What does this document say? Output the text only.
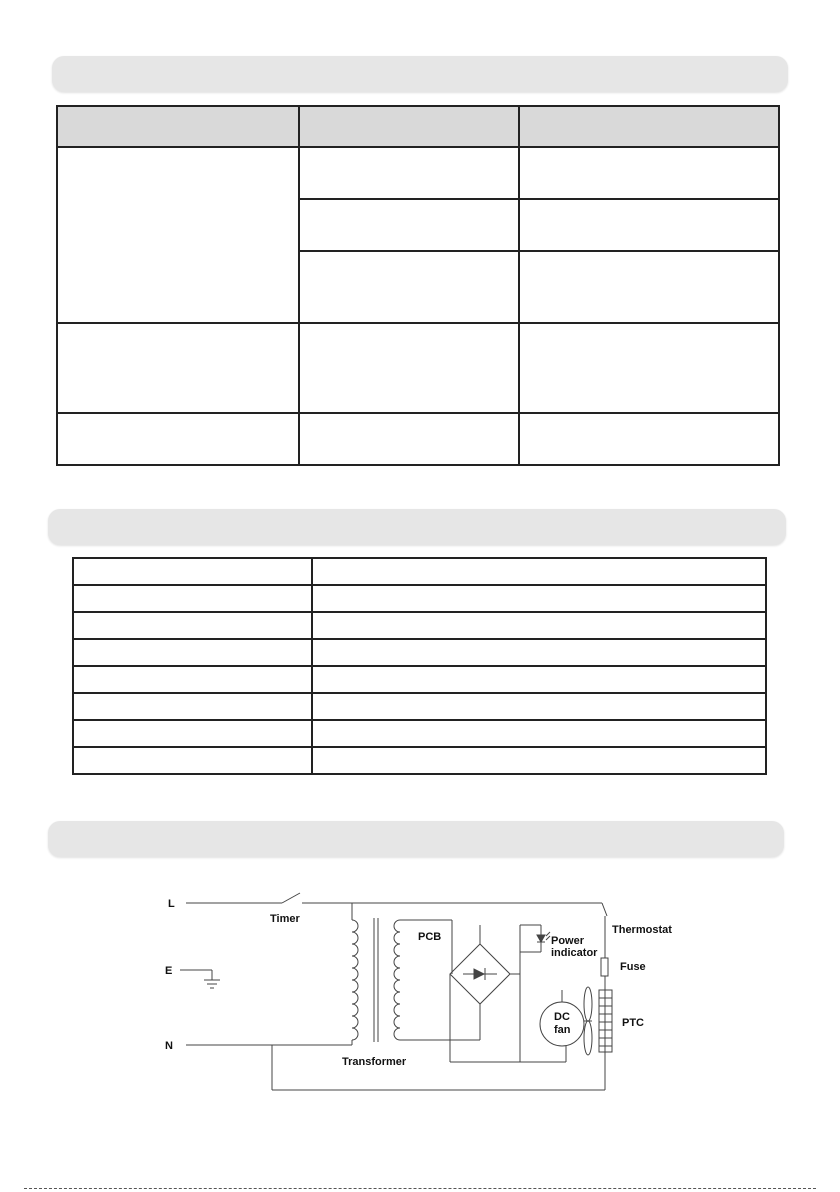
L
Timer
E
N
PCB	Power
indicator
Thermostat
Fuse
PTC
DC
fan
Transformer
